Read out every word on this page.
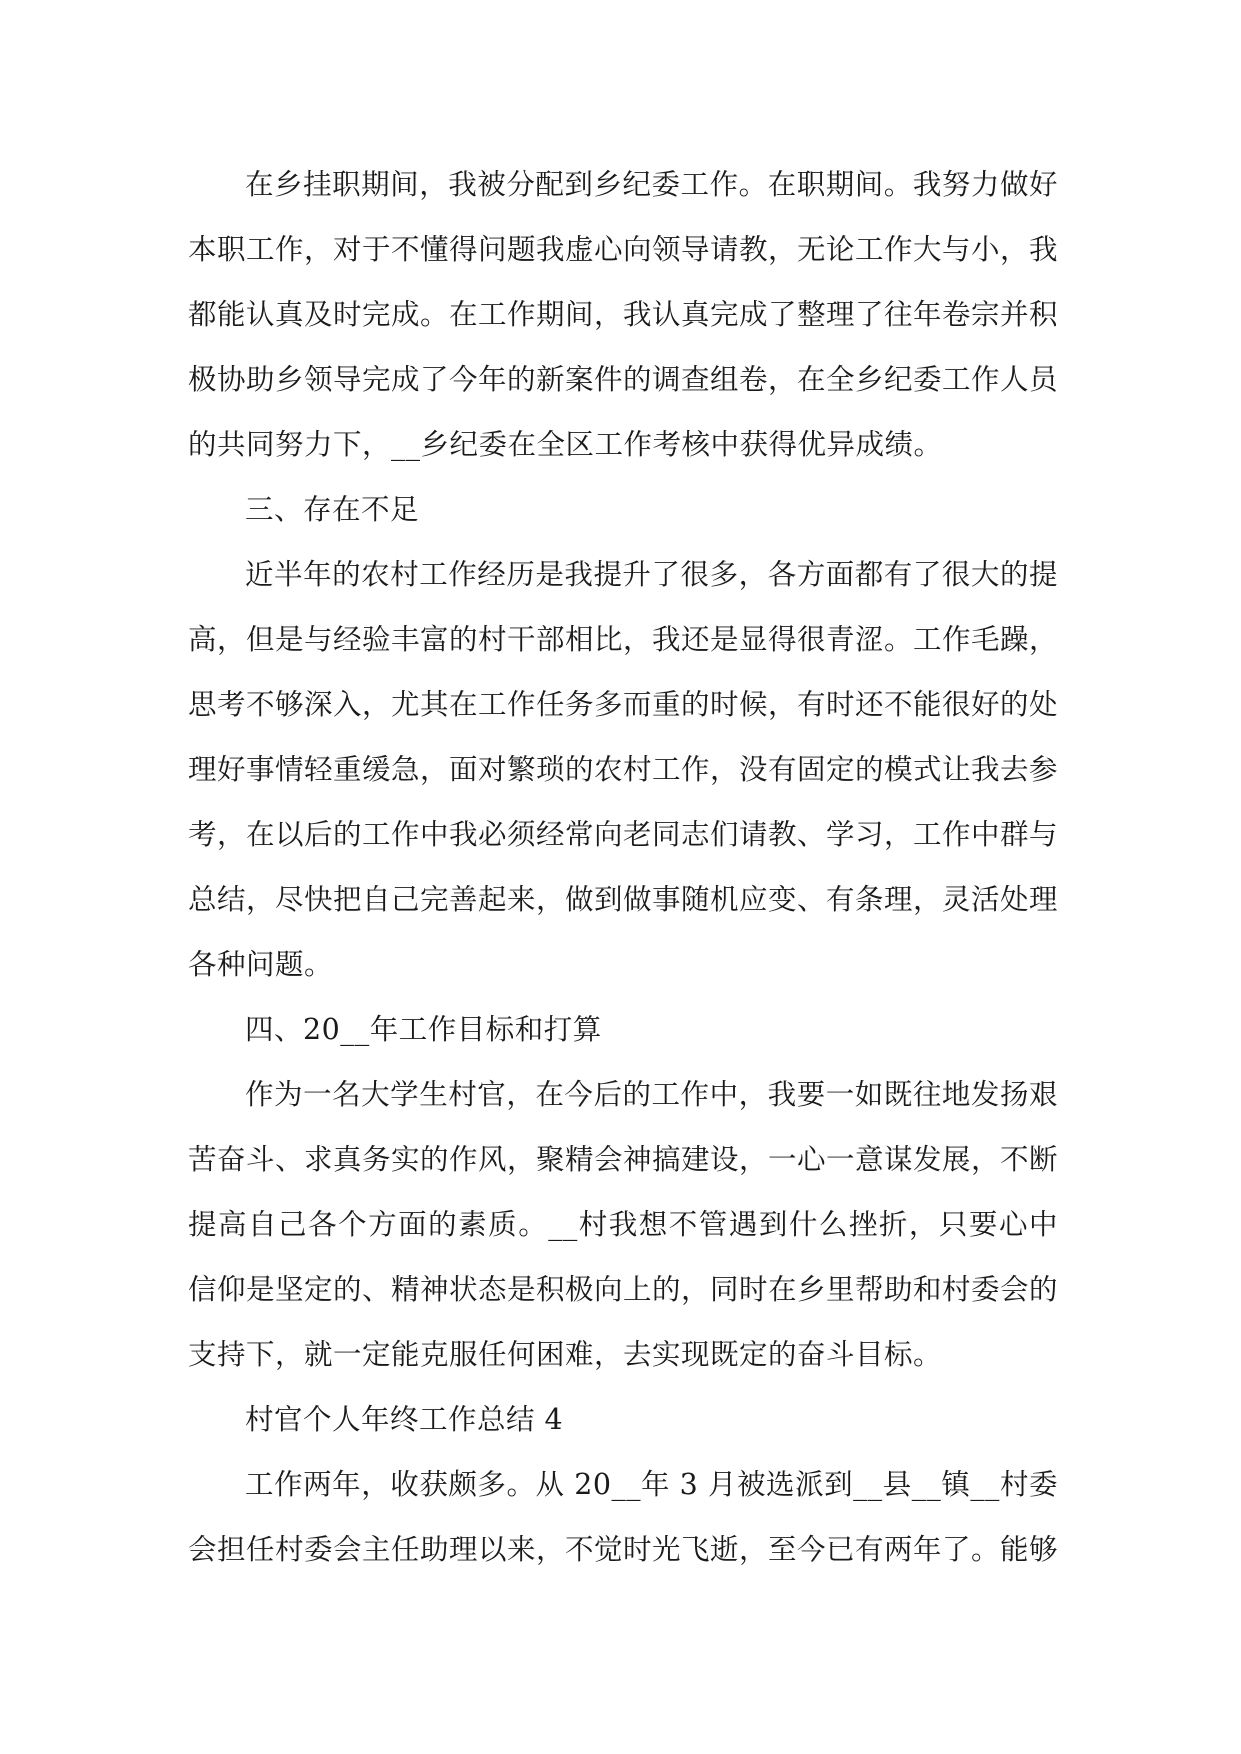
在乡挂职期间，我被分配到乡纪委工作。在职期间。我努力做好本职工作，对于不懂得问题我虚心向领导请教，无论工作大与小，我都能认真及时完成。在工作期间，我认真完成了整理了往年卷宗并积极协助乡领导完成了今年的新案件的调查组卷，在全乡纪委工作人员的共同努力下，__乡纪委在全区工作考核中获得优异成绩。

三、存在不足

近半年的农村工作经历是我提升了很多，各方面都有了很大的提高，但是与经验丰富的村干部相比，我还是显得很青涩。工作毛躁，思考不够深入，尤其在工作任务多而重的时候，有时还不能很好的处理好事情轻重缓急，面对繁琐的农村工作，没有固定的模式让我去参考，在以后的工作中我必须经常向老同志们请教、学习，工作中群与总结，尽快把自己完善起来，做到做事随机应变、有条理，灵活处理各种问题。

四、20__年工作目标和打算

作为一名大学生村官，在今后的工作中，我要一如既往地发扬艰苦奋斗、求真务实的作风，聚精会神搞建设，一心一意谋发展，不断提高自己各个方面的素质。__村我想不管遇到什么挫折，只要心中信仰是坚定的、精神状态是积极向上的，同时在乡里帮助和村委会的支持下，就一定能克服任何困难，去实现既定的奋斗目标。

村官个人年终工作总结 4

工作两年，收获颇多。从 20__年 3 月被选派到__县__镇__村委会担任村委会主任助理以来，不觉时光飞逝，至今已有两年了。能够
